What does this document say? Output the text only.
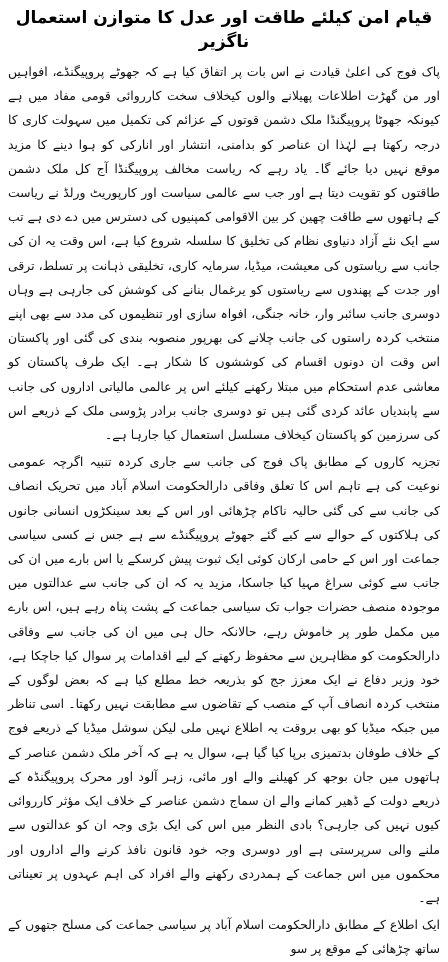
قیام امن کیلئے طاقت اور عدل کا متوازن استعمال ناگزیر

پاک فوج کی اعلیٰ قیادت نے اس بات پر اتفاق کیا ہے کہ جھوٹے پروپیگنڈے، افواہیں اور من گھڑت اطلاعات پھیلانے والوں کیخلاف سخت کارروائی قومی مفاد میں ہے کیونکہ جھوٹا پروپیگنڈا ملک دشمن قوتوں کے عزائم کی تکمیل میں سہولت کاری کا درجہ رکھتا ہے لہٰذا ان عناصر کو بدامنی، انتشار اور انارکی کو ہوا دینے کا مزید موقع نہیں دیا جائے گا۔ یاد رہے کہ ریاست مخالف پروپیگنڈا آج کل ملک دشمن طاقتوں کو تقویت دیتا ہے اور جب سے عالمی سیاست اور کارپوریٹ ورلڈ نے ریاست کے ہاتھوں سے طاقت چھین کر بین الاقوامی کمپنیوں کی دسترس میں دے دی ہے تب سے ایک نئے آزاد دنیاوی نظام کی تخلیق کا سلسلہ شروع کیا ہے، اس وقت یہ ان کی جانب سے ریاستوں کی معیشت، میڈیا، سرمایہ کاری، تخلیقی ذہانت پر تسلط، ترقی اور جدت کے پھندوں سے ریاستوں کو یرغمال بنانے کی کوشش کی جارہی ہے وہاں دوسری جانب سائبر وار، خانہ جنگی، افواہ سازی اور تنظیموں کی مدد سے بھی اپنے منتخب کردہ راستوں کی جانب چلانے کی بھرپور منصوبہ بندی کی گئی اور پاکستان اس وقت ان دونوں اقسام کی کوششوں کا شکار ہے۔ ایک طرف پاکستان کو معاشی عدم استحکام میں مبتلا رکھنے کیلئے اس پر عالمی مالیاتی اداروں کی جانب سے پابندیاں عائد کردی گئی ہیں تو دوسری جانب برادر پڑوسی ملک کے ذریعے اس کی سرزمین کو پاکستان کیخلاف مسلسل استعمال کیا جارہا ہے۔

تجزیہ کاروں کے مطابق پاک فوج کی جانب سے جاری کردہ تنبیہ اگرچہ عمومی نوعیت کی ہے تاہم اس کا تعلق وفاقی دارالحکومت اسلام آباد میں تحریک انصاف کی جانب سے کی گئی حالیہ ناکام چڑھائی اور اس کے بعد سینکڑوں انسانی جانوں کی ہلاکتوں کے حوالے سے کیے گئے جھوٹے پروپیگنڈے سے ہے جس نے کسی سیاسی جماعت اور اس کے حامی ارکان کوئی ایک ثبوت پیش کرسکے یا اس بارے میں ان کی جانب سے کوئی سراغ مہیا کیا جاسکا، مزید یہ کہ ان کی جانب سے عدالتوں میں موجودہ منصف حضرات جواب تک سیاسی جماعت کے پشت پناہ رہے ہیں، اس بارے میں مکمل طور پر خاموش رہے، حالانکہ حال ہی میں ان کی جانب سے وفاقی دارالحکومت کو مظاہرین سے محفوظ رکھنے کے لیے اقدامات پر سوال کیا جاچکا ہے، خود وزیر دفاع نے ایک معزز جج کو بذریعہ خط مطلع کیا ہے کہ بعض لوگوں کے منتخب کردہ انصاف آپ کے منصب کے تقاضوں سے مطابقت نہیں رکھتا۔ اسی تناظر میں جبکہ میڈیا کو بھی بروقت یہ اطلاع نہیں ملی لیکن سوشل میڈیا کے ذریعے فوج کے خلاف طوفان بدتمیزی برپا کیا گیا ہے، سوال یہ ہے کہ آخر ملک دشمن عناصر کے ہاتھوں میں جان بوجھ کر کھیلنے والے اور مائی، زہر آلود اور محرک پروپیگنڈہ کے ذریعے دولت کے ڈھیر کمانے والے ان سماج دشمن عناصر کے خلاف ایک مؤثر کارروائی کیوں نہیں کی جارہی؟ بادی النظر میں اس کی ایک بڑی وجہ ان کو عدالتوں سے ملنے والی سرپرستی ہے اور دوسری وجہ خود قانون نافذ کرنے والے اداروں اور محکموں میں اس جماعت کے ہمدردی رکھنے والے افراد کی اہم عہدوں پر تعیناتی ہے۔

ایک اطلاع کے مطابق دارالحکومت اسلام آباد پر سیاسی جماعت کی مسلح جتھوں کے ساتھ چڑھائی کے موقع پر سو
